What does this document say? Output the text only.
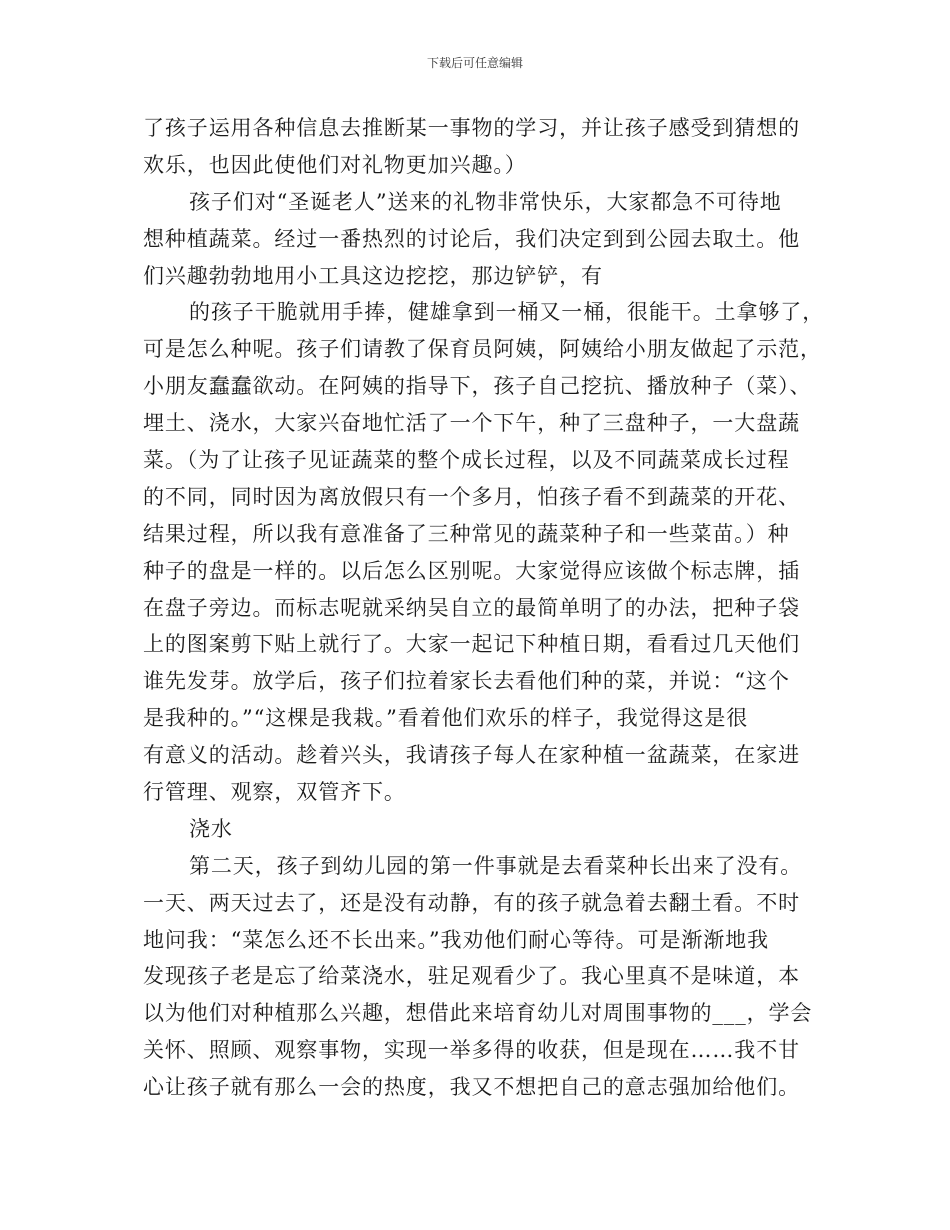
下载后可任意编辑
了孩子运用各种信息去推断某一事物的学习，并让孩子感受到猜想的
欢乐，也因此使他们对礼物更加兴趣。）
孩子们对“圣诞老人”送来的礼物非常快乐，大家都急不可待地
想种植蔬菜。经过一番热烈的讨论后，我们决定到到公园去取土。他
们兴趣勃勃地用小工具这边挖挖，那边铲铲，有
的孩子干脆就用手捧，健雄拿到一桶又一桶，很能干。土拿够了，
可是怎么种呢。孩子们请教了保育员阿姨，阿姨给小朋友做起了示范，
小朋友蠢蠢欲动。在阿姨的指导下，孩子自己挖抗、播放种子（菜）、
埋土、浇水，大家兴奋地忙活了一个下午，种了三盘种子，一大盘蔬
菜。（为了让孩子见证蔬菜的整个成长过程，以及不同蔬菜成长过程
的不同，同时因为离放假只有一个多月，怕孩子看不到蔬菜的开花、
结果过程，所以我有意准备了三种常见的蔬菜种子和一些菜苗。）种
种子的盘是一样的。以后怎么区别呢。大家觉得应该做个标志牌，插
在盘子旁边。而标志呢就采纳吴自立的最简单明了的办法，把种子袋
上的图案剪下贴上就行了。大家一起记下种植日期，看看过几天他们
谁先发芽。放学后，孩子们拉着家长去看他们种的菜，并说：“这个
是我种的。”“这棵是我栽。”看着他们欢乐的样子，我觉得这是很
有意义的活动。趁着兴头，我请孩子每人在家种植一盆蔬菜，在家进
行管理、观察，双管齐下。
浇水
第二天，孩子到幼儿园的第一件事就是去看菜种长出来了没有。
一天、两天过去了，还是没有动静，有的孩子就急着去翻土看。不时
地问我：“菜怎么还不长出来。”我劝他们耐心等待。可是渐渐地我
发现孩子老是忘了给菜浇水，驻足观看少了。我心里真不是味道，本
以为他们对种植那么兴趣，想借此来培育幼儿对周围事物的___，学会
关怀、照顾、观察事物，实现一举多得的收获，但是现在……我不甘
心让孩子就有那么一会的热度，我又不想把自己的意志强加给他们。
